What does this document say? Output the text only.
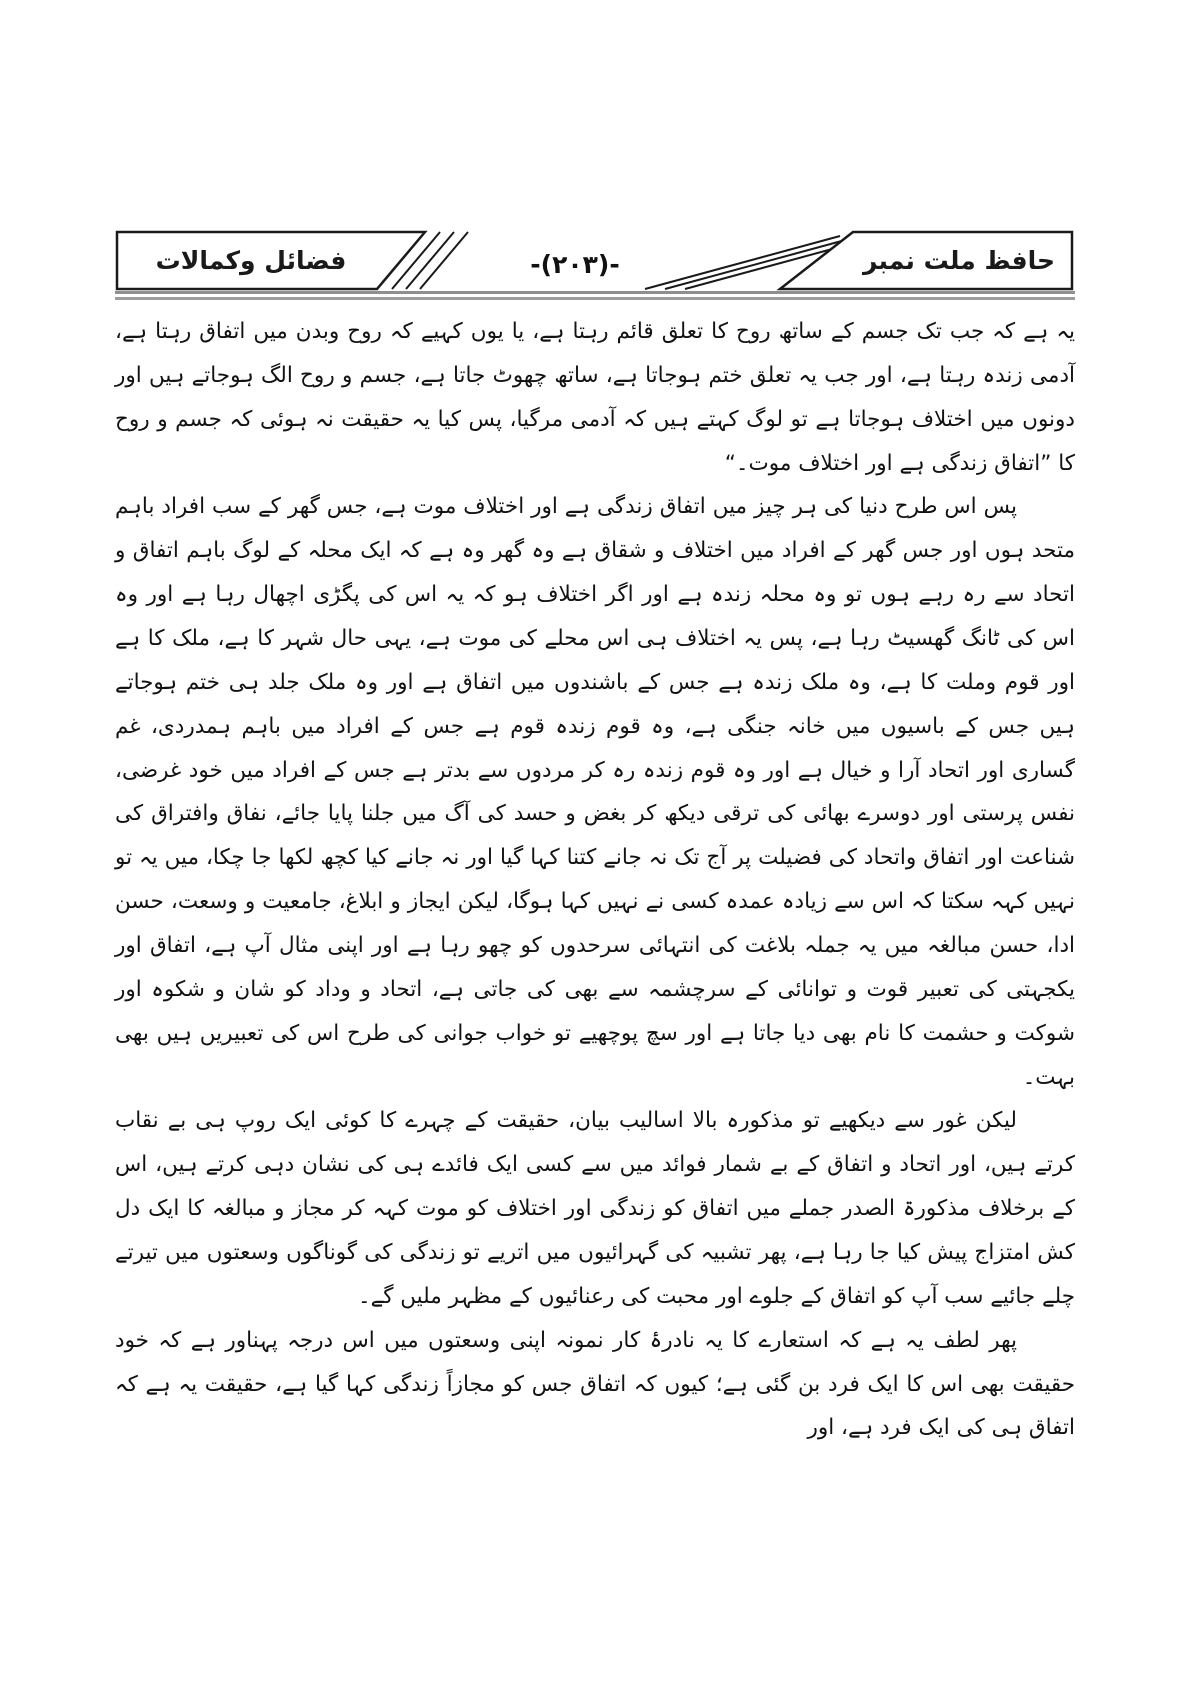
فضائل وکمالات	-(۲۰۳)-	حافظ ملت نمبر

یہ ہے کہ جب تک جسم کے ساتھ روح کا تعلق قائم رہتا ہے، یا یوں کہیے کہ روح وبدن میں اتفاق رہتا ہے، آدمی زندہ رہتا ہے، اور جب یہ تعلق ختم ہوجاتا ہے، ساتھ چھوٹ جاتا ہے، جسم و روح الگ ہوجاتے ہیں اور دونوں میں اختلاف ہوجاتا ہے تو لوگ کہتے ہیں کہ آدمی مرگیا، پس کیا یہ حقیقت نہ ہوئی کہ جسم و روح کا ”اتفاق زندگی ہے اور اختلاف موت۔“

پس اس طرح دنیا کی ہر چیز میں اتفاق زندگی ہے اور اختلاف موت ہے، جس گھر کے سب افراد باہم متحد ہوں اور جس گھر کے افراد میں اختلاف و شقاق ہے وہ گھر وہ ہے کہ ایک محلہ کے لوگ باہم اتفاق و اتحاد سے رہ رہے ہوں تو وہ محلہ زندہ ہے اور اگر اختلاف ہو کہ یہ اس کی پگڑی اچھال رہا ہے اور وہ اس کی ٹانگ گھسیٹ رہا ہے، پس یہ اختلاف ہی اس محلے کی موت ہے، یہی حال شہر کا ہے، ملک کا ہے اور قوم وملت کا ہے، وہ ملک زندہ ہے جس کے باشندوں میں اتفاق ہے اور وہ ملک جلد ہی ختم ہوجاتے ہیں جس کے باسیوں میں خانہ جنگی ہے، وہ قوم زندہ قوم ہے جس کے افراد میں باہم ہمدردی، غم گساری اور اتحاد آرا و خیال ہے اور وہ قوم زندہ رہ کر مردوں سے بدتر ہے جس کے افراد میں خود غرضی، نفس پرستی اور دوسرے بھائی کی ترقی دیکھ کر بغض و حسد کی آگ میں جلنا پایا جائے، نفاق وافتراق کی شناعت اور اتفاق واتحاد کی فضیلت پر آج تک نہ جانے کتنا کہا گیا اور نہ جانے کیا کچھ لکھا جا چکا، میں یہ تو نہیں کہہ سکتا کہ اس سے زیادہ عمدہ کسی نے نہیں کہا ہوگا، لیکن ایجاز و ابلاغ، جامعیت و وسعت، حسن ادا، حسن مبالغہ میں یہ جملہ بلاغت کی انتہائی سرحدوں کو چھو رہا ہے اور اپنی مثال آپ ہے، اتفاق اور یکجہتی کی تعبیر قوت و توانائی کے سرچشمہ سے بھی کی جاتی ہے، اتحاد و وداد کو شان و شکوہ اور شوکت و حشمت کا نام بھی دیا جاتا ہے اور سچ پوچھیے تو خواب جوانی کی طرح اس کی تعبیریں ہیں بھی بہت۔

لیکن غور سے دیکھیے تو مذکورہ بالا اسالیب بیان، حقیقت کے چہرے کا کوئی ایک روپ ہی بے نقاب کرتے ہیں، اور اتحاد و اتفاق کے بے شمار فوائد میں سے کسی ایک فائدے ہی کی نشان دہی کرتے ہیں، اس کے برخلاف مذکورۃ الصدر جملے میں اتفاق کو زندگی اور اختلاف کو موت کہہ کر مجاز و مبالغہ کا ایک دل کش امتزاج پیش کیا جا رہا ہے، پھر تشبیہ کی گہرائیوں میں اتریے تو زندگی کی گوناگوں وسعتوں میں تیرتے چلے جائیے سب آپ کو اتفاق کے جلوے اور محبت کی رعنائیوں کے مظہر ملیں گے۔

پھر لطف یہ ہے کہ استعارے کا یہ نادرۂ کار نمونہ اپنی وسعتوں میں اس درجہ پہناور ہے کہ خود حقیقت بھی اس کا ایک فرد بن گئی ہے؛ کیوں کہ اتفاق جس کو مجازاً زندگی کہا گیا ہے، حقیقت یہ ہے کہ اتفاق ہی کی ایک فرد ہے، اور
